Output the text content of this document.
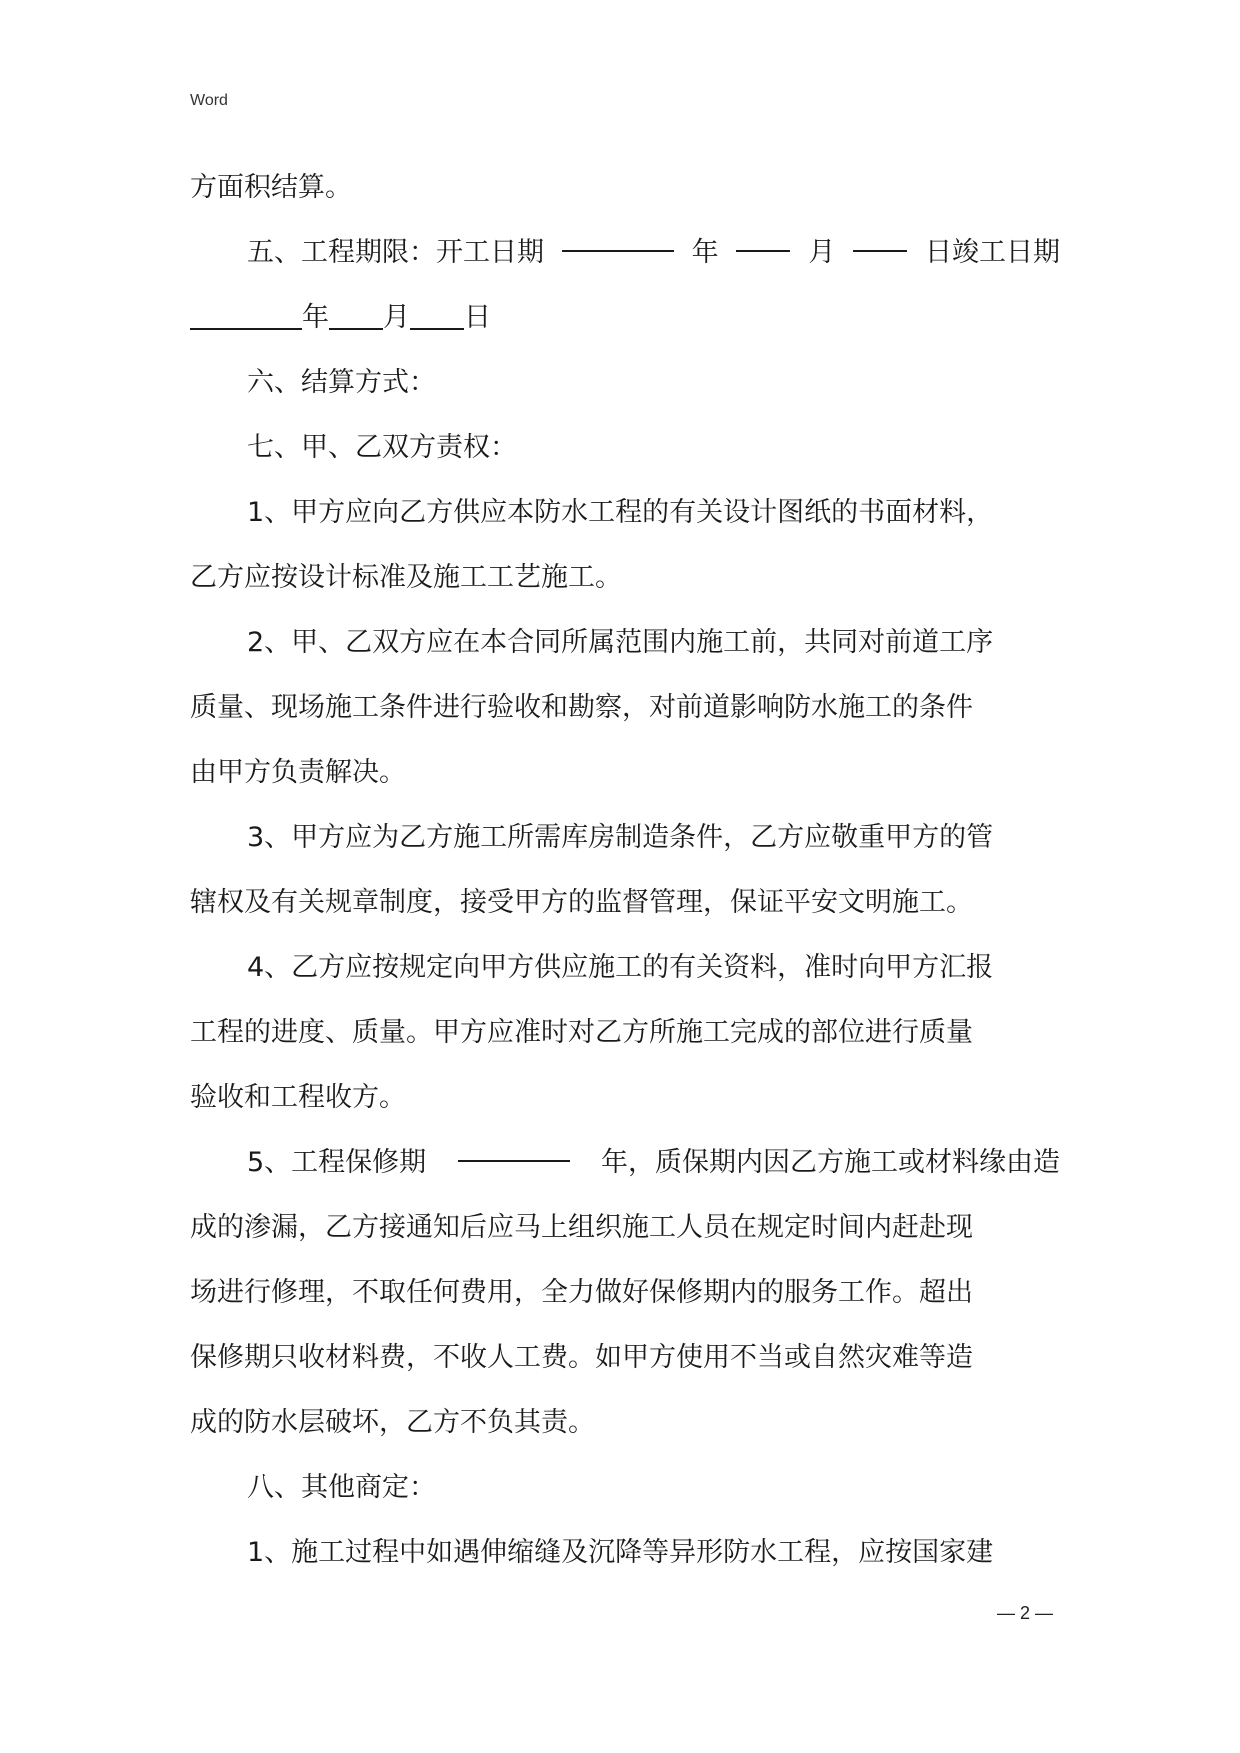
Word
方面积结算。
五、工程期限：开工日期	年	月	日竣工日期
年 月 日
六、结算方式：
七、甲、乙双方责权：
1、甲方应向乙方供应本防水工程的有关设计图纸的书面材料，
乙方应按设计标准及施工工艺施工。
2、甲、乙双方应在本合同所属范围内施工前，共同对前道工序
质量、现场施工条件进行验收和勘察，对前道影响防水施工的条件
由甲方负责解决。
3、甲方应为乙方施工所需库房制造条件，乙方应敬重甲方的管
辖权及有关规章制度，接受甲方的监督管理，保证平安文明施工。
4、乙方应按规定向甲方供应施工的有关资料，准时向甲方汇报
工程的进度、质量。甲方应准时对乙方所施工完成的部位进行质量
验收和工程收方。
5、工程保修期	年，质保期内因乙方施工或材料缘由造
成的渗漏，乙方接通知后应马上组织施工人员在规定时间内赶赴现
场进行修理，不取任何费用，全力做好保修期内的服务工作。超出
保修期只收材料费，不收人工费。如甲方使用不当或自然灾难等造
成的防水层破坏，乙方不负其责。
八、其他商定：
1、施工过程中如遇伸缩缝及沉降等异形防水工程，应按国家建
— 2 —
